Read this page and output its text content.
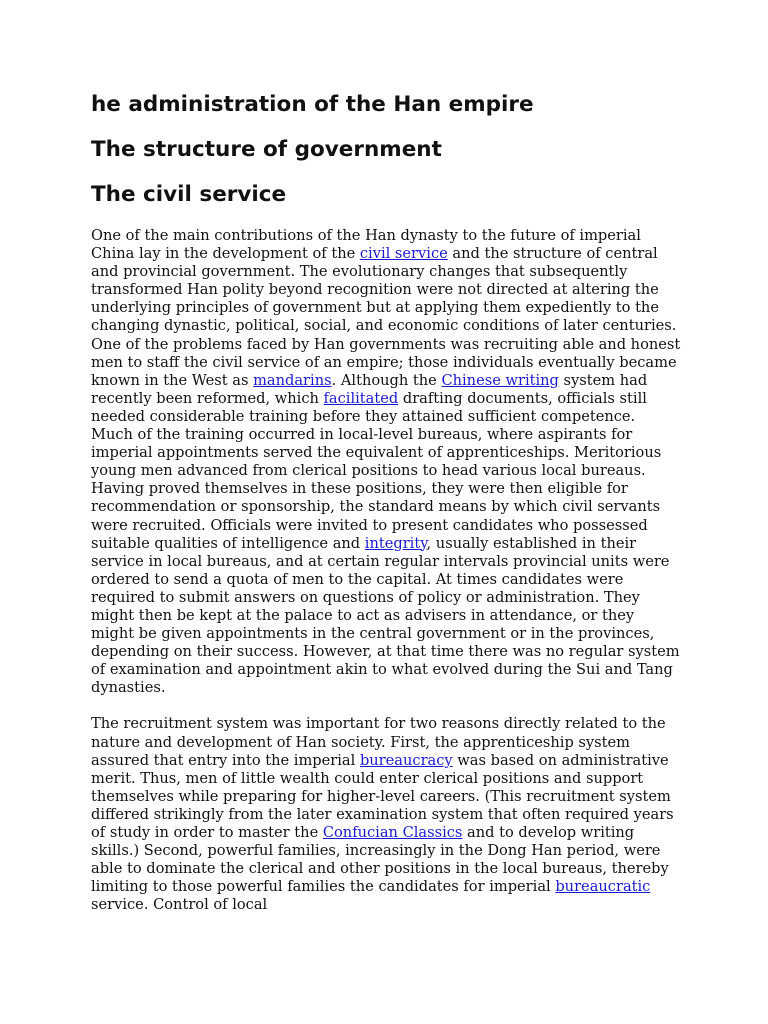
he administration of the Han empire
The structure of government
The civil service

One of the main contributions of the Han dynasty to the future of imperial China lay in the development of the civil service and the structure of central and provincial government. The evolutionary changes that subsequently transformed Han polity beyond recognition were not directed at altering the underlying principles of government but at applying them expediently to the changing dynastic, political, social, and economic conditions of later centuries. One of the problems faced by Han governments was recruiting able and honest men to staff the civil service of an empire; those individuals eventually became known in the West as mandarins. Although the Chinese writing system had recently been reformed, which facilitated drafting documents, officials still needed considerable training before they attained sufficient competence. Much of the training occurred in local-level bureaus, where aspirants for imperial appointments served the equivalent of apprenticeships. Meritorious young men advanced from clerical positions to head various local bureaus. Having proved themselves in these positions, they were then eligible for recommendation or sponsorship, the standard means by which civil servants were recruited. Officials were invited to present candidates who possessed suitable qualities of intelligence and integrity, usually established in their service in local bureaus, and at certain regular intervals provincial units were ordered to send a quota of men to the capital. At times candidates were required to submit answers on questions of policy or administration. They might then be kept at the palace to act as advisers in attendance, or they might be given appointments in the central government or in the provinces, depending on their success. However, at that time there was no regular system of examination and appointment akin to what evolved during the Sui and Tang dynasties.

The recruitment system was important for two reasons directly related to the nature and development of Han society. First, the apprenticeship system assured that entry into the imperial bureaucracy was based on administrative merit. Thus, men of little wealth could enter clerical positions and support themselves while preparing for higher-level careers. (This recruitment system differed strikingly from the later examination system that often required years of study in order to master the Confucian Classics and to develop writing skills.) Second, powerful families, increasingly in the Dong Han period, were able to dominate the clerical and other positions in the local bureaus, thereby limiting to those powerful families the candidates for imperial bureaucratic service. Control of local
